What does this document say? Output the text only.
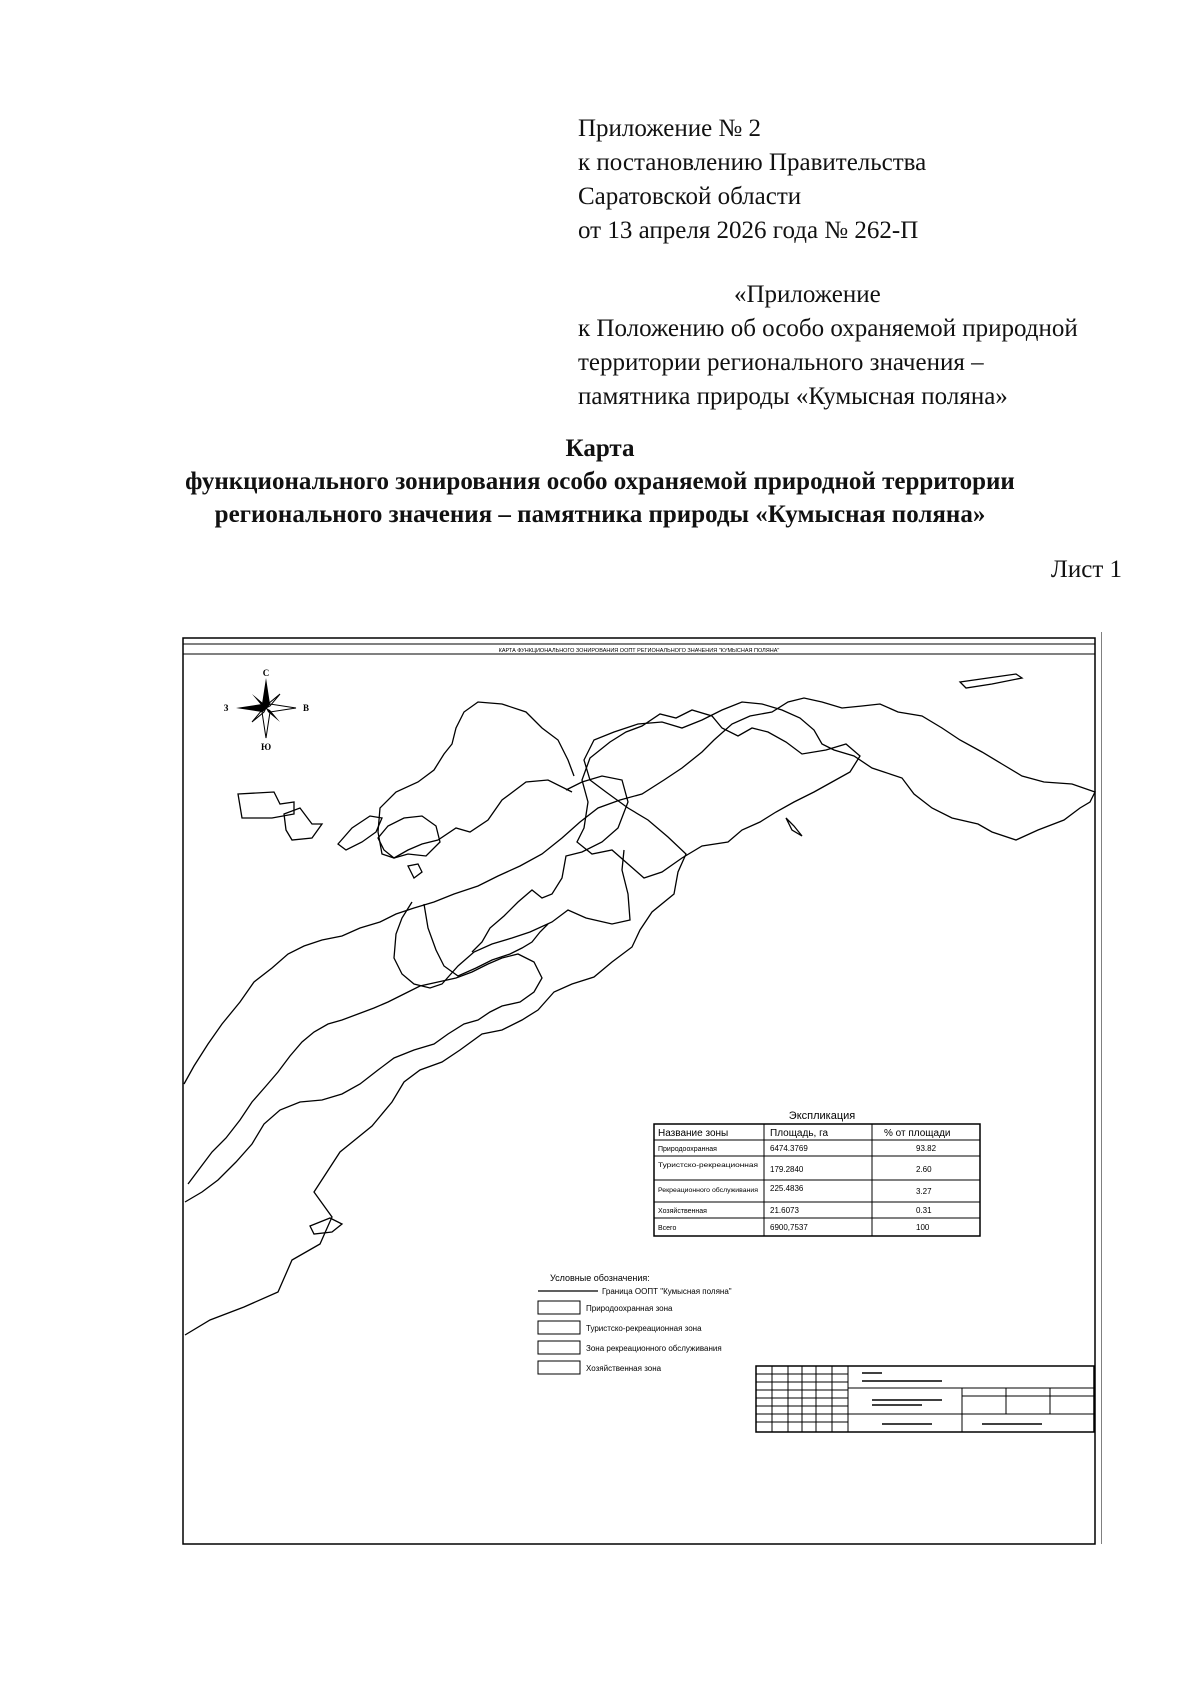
Приложение № 2
к постановлению Правительства
Саратовской области
от 13 апреля 2026 года № 262-П
«Приложение
к Положению об особо охраняемой природной
территории регионального значения –
памятника природы «Кумысная поляна»
Карта
функционального зонирования особо охраняемой природной территории
регионального значения – памятника природы «Кумысная поляна»
Лист 1
КАРТА ФУНКЦИОНАЛЬНОГО ЗОНИРОВАНИЯ ООПТ РЕГИОНАЛЬНОГО ЗНАЧЕНИЯ "КУМЫСНАЯ ПОЛЯНА"
С
Ю
З	В
Экспликация
Название зоны	Площадь, га	% от площади
Природоохранная	6474.3769	93.82
Туристско-рекреационная 179.2840	2.60
Рекреационного обслуживания 225.4836	3.27
Хозяйственная	21.6073	0.31
Всего	6900,7537	100
Условные обозначения:
Граница ООПТ "Кумысная поляна"
Природоохранная зона
Туристско-рекреационная зона
Зона рекреационного обслуживания
Хозяйственная зона
